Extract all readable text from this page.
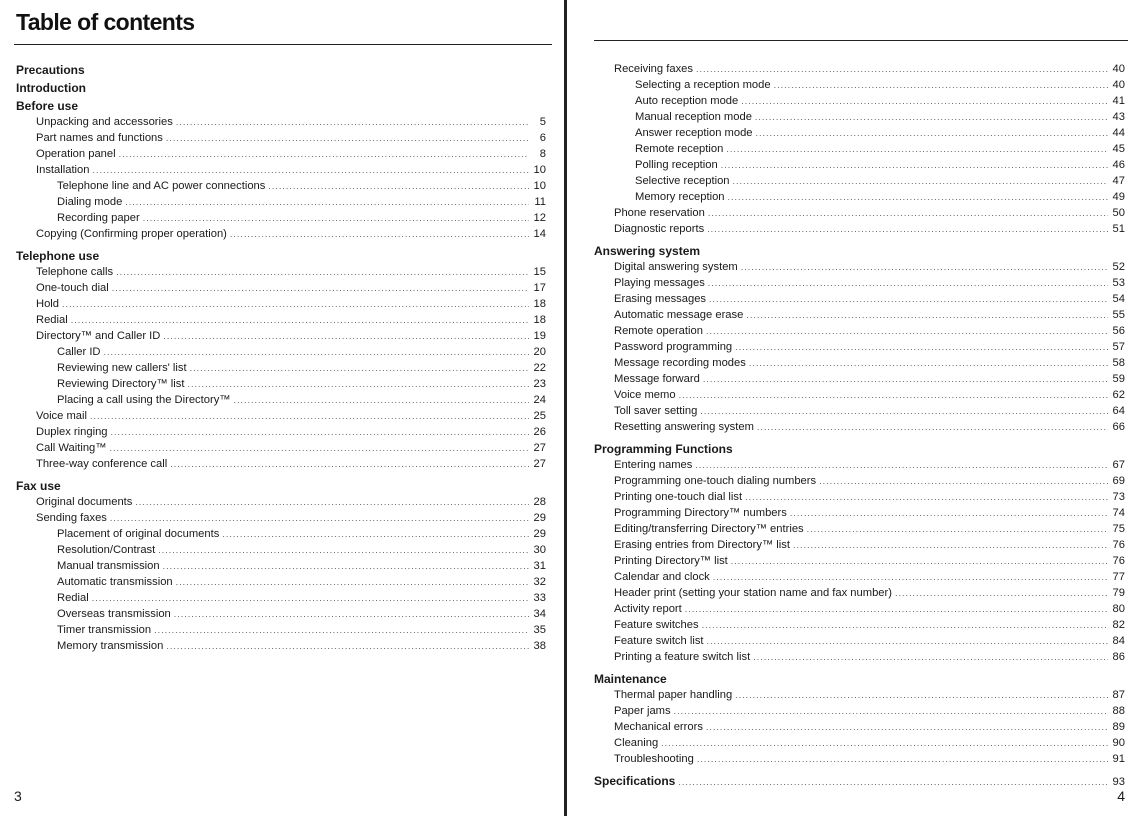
Table of contents
Precautions
Introduction
Before use
Unpacking and accessories .....	5
Part names and functions .....	6
Operation panel .....	8
Installation .....	10
Telephone line and AC power connections .....	10
Dialing mode .....	11
Recording paper .....	12
Copying (Confirming proper operation) .....	14
Telephone use
Telephone calls .....	15
One-touch dial .....	17
Hold .....	18
Redial .....	18
Directory™ and Caller ID .....	19
Caller ID .....	20
Reviewing new callers' list .....	22
Reviewing Directory™ list .....	23
Placing a call using the Directory™ .....	24
Voice mail .....	25
Duplex ringing .....	26
Call Waiting™ .....	27
Three-way conference call .....	27
Fax use
Original documents .....	28
Sending faxes .....	29
Placement of original documents .....	29
Resolution/Contrast .....	30
Manual transmission .....	31
Automatic transmission .....	32
Redial .....	33
Overseas transmission .....	34
Timer transmission .....	35
Memory transmission .....	38
3
Receiving faxes .....	40
Selecting a reception mode .....	40
Auto reception mode .....	41
Manual reception mode .....	43
Answer reception mode .....	44
Remote reception .....	45
Polling reception .....	46
Selective reception .....	47
Memory reception .....	49
Phone reservation .....	50
Diagnostic reports .....	51
Answering system
Digital answering system .....	52
Playing messages .....	53
Erasing messages .....	54
Automatic message erase .....	55
Remote operation .....	56
Password programming .....	57
Message recording modes .....	58
Message forward .....	59
Voice memo .....	62
Toll saver setting .....	64
Resetting answering system .....	66
Programming Functions
Entering names .....	67
Programming one-touch dialing numbers .....	69
Printing one-touch dial list .....	73
Programming Directory™ numbers .....	74
Editing/transferring Directory™ entries .....	75
Erasing entries from Directory™ list .....	76
Printing Directory™ list .....	76
Calendar and clock .....	77
Header print (setting your station name and fax number) .....	79
Activity report .....	80
Feature switches .....	82
Feature switch list .....	84
Printing a feature switch list .....	86
Maintenance
Thermal paper handling .....	87
Paper jams .....	88
Mechanical errors .....	89
Cleaning .....	90
Troubleshooting .....	91
Specifications .....	93
4
